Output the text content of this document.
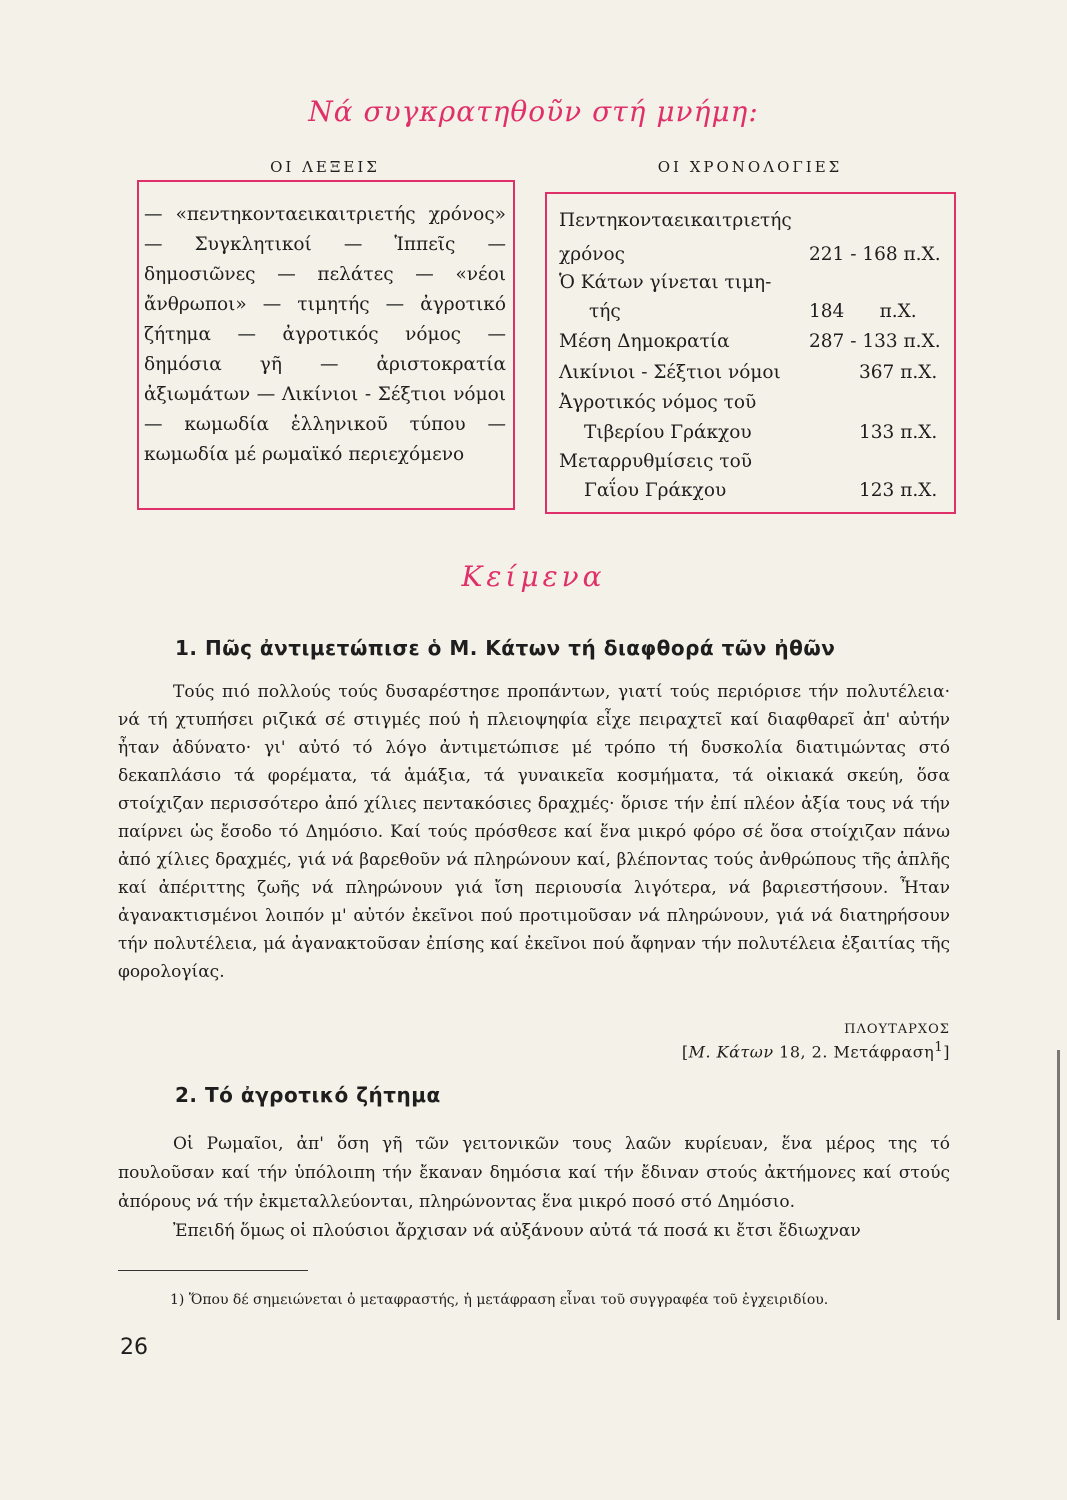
Νά συγκρατηθοῦν στή μνήμη:
ΟΙ ΛΕΞΕΙΣ	ΟΙ ΧΡΟΝΟΛΟΓΙΕΣ
— «πεντηκονταεικαιτριετής χρόνος» — Συγκλητικοί — Ἱππεῖς — δημοσιῶνες — πελάτες — «νέοι ἄνθρωποι» — τιμητής — ἀγροτικό ζήτημα — ἀγροτικός νόμος — δημόσια γῆ — ἀριστοκρατία ἀξιωμάτων — Λικίνιοι - Σέξτιοι νόμοι — κωμωδία ἑλληνικοῦ τύπου — κωμωδία μέ ρωμαϊκό περιεχόμενο
Πεντηκονταεικαιτριετής
χρόνος	221 - 168 π.Χ.
Ὁ Κάτων γίνεται τιμη-
τής	184      π.Χ.
Μέση Δημοκρατία	287 - 133 π.Χ.
Λικίνιοι - Σέξτιοι νόμοι	367 π.Χ.
Ἀγροτικός νόμος τοῦ
Τιβερίου Γράκχου	133 π.Χ.
Μεταρρυθμίσεις τοῦ
Γαΐου Γράκχου	123 π.Χ.
Κείμενα
1. Πῶς ἀντιμετώπισε ὁ Μ. Κάτων τή διαφθορά τῶν ἠθῶν
Τούς πιό πολλούς τούς δυσαρέστησε προπάντων, γιατί τούς περιόρισε τήν πολυτέλεια· νά τή χτυπήσει ριζικά σέ στιγμές πού ἡ πλειοψηφία εἶχε πειραχτεῖ καί διαφθαρεῖ ἀπ' αὐτήν ἦταν ἀδύνατο· γι' αὐτό τό λόγο ἀντιμετώπισε μέ τρόπο τή δυσκολία διατιμώντας στό δεκαπλάσιο τά φορέματα, τά ἁμάξια, τά γυναικεῖα κοσμήματα, τά οἰκιακά σκεύη, ὅσα στοίχιζαν περισσότερο ἀπό χίλιες πεντακόσιες δραχμές· ὅρισε τήν ἐπί πλέον ἀξία τους νά τήν παίρνει ὡς ἔσοδο τό Δημόσιο. Καί τούς πρόσθεσε καί ἕνα μικρό φόρο σέ ὅσα στοίχιζαν πάνω ἀπό χίλιες δραχμές, γιά νά βαρεθοῦν νά πληρώνουν καί, βλέποντας τούς ἀνθρώπους τῆς ἁπλῆς καί ἀπέριττης ζωῆς νά πληρώνουν γιά ἴση περιουσία λιγότερα, νά βαριεστήσουν. Ἦταν ἀγανακτισμένοι λοιπόν μ' αὐτόν ἐκεῖνοι πού προτιμοῦσαν νά πληρώνουν, γιά νά διατηρήσουν τήν πολυτέλεια, μά ἀγανακτοῦσαν ἐπίσης καί ἐκεῖνοι πού ἄφηναν τήν πολυτέλεια ἐξαιτίας τῆς φορολογίας.
ΠΛΟΥΤΑΡΧΟΣ
[Μ. Κάτων 18, 2. Μετάφραση$^1$]
2. Τό ἀγροτικό ζήτημα
Οἱ Ρωμαῖοι, ἀπ' ὅση γῆ τῶν γειτονικῶν τους λαῶν κυρίευαν, ἕνα μέρος της τό πουλοῦσαν καί τήν ὑπόλοιπη τήν ἔκαναν δημόσια καί τήν ἔδιναν στούς ἀκτήμονες καί στούς ἀπόρους νά τήν ἐκμεταλλεύονται, πληρώνοντας ἕνα μικρό ποσό στό Δημόσιο.
Ἐπειδή ὅμως οἱ πλούσιοι ἄρχισαν νά αὐξάνουν αὐτά τά ποσά κι ἔτσι ἔδιωχναν
1) Ὅπου δέ σημειώνεται ὁ μεταφραστής, ἡ μετάφραση εἶναι τοῦ συγγραφέα τοῦ ἐγχειριδίου.
26
